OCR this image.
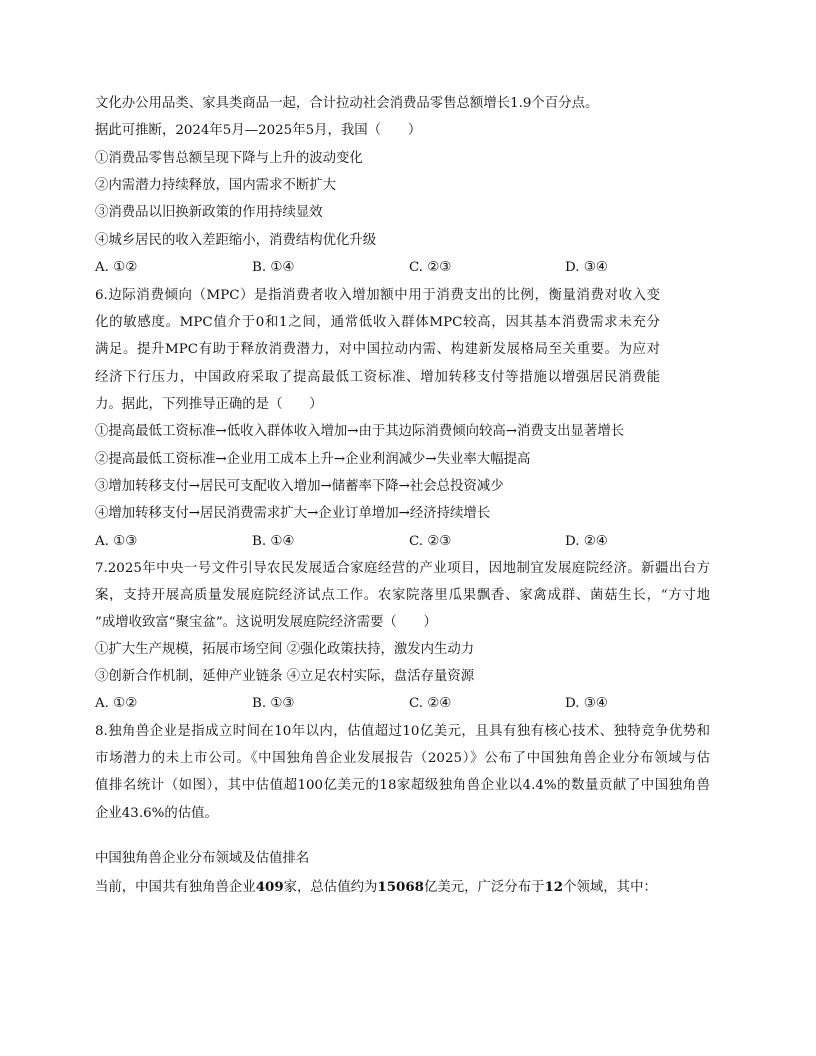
文化办公用品类、家具类商品一起，合计拉动社会消费品零售总额增长1.9个百分点。
据此可推断，2024年5月—2025年5月，我国（　　）
①消费品零售总额呈现下降与上升的波动变化
②内需潜力持续释放，国内需求不断扩大
③消费品以旧换新政策的作用持续显效
④城乡居民的收入差距缩小，消费结构优化升级
A. ①②	B. ①④	C. ②③	D. ③④
6.边际消费倾向（MPC）是指消费者收入增加额中用于消费支出的比例，衡量消费对收入变
化的敏感度。MPC值介于0和1之间，通常低收入群体MPC较高，因其基本消费需求未充分
满足。提升MPC有助于释放消费潜力，对中国拉动内需、构建新发展格局至关重要。为应对
经济下行压力，中国政府采取了提高最低工资标准、增加转移支付等措施以增强居民消费能
力。据此，下列推导正确的是（　　）
①提高最低工资标准→低收入群体收入增加→由于其边际消费倾向较高→消费支出显著增长
②提高最低工资标准→企业用工成本上升→企业利润减少→失业率大幅提高
③增加转移支付→居民可支配收入增加→储蓄率下降→社会总投资减少
④增加转移支付→居民消费需求扩大→企业订单增加→经济持续增长
A. ①③	B. ①④	C. ②③	D. ②④
7.2025年中央一号文件引导农民发展适合家庭经营的产业项目，因地制宜发展庭院经济。新疆出台方
案，支持开展高质量发展庭院经济试点工作。农家院落里瓜果飘香、家禽成群、菌菇生长，“方寸地
”成增收致富“聚宝盆”。这说明发展庭院经济需要（　　）
①扩大生产规模，拓展市场空间 ②强化政策扶持，激发内生动力
③创新合作机制，延伸产业链条 ④立足农村实际，盘活存量资源
A. ①②	B. ①③	C. ②④	D. ③④
8.独角兽企业是指成立时间在10年以内，估值超过10亿美元，且具有独有核心技术、独特竞争优势和
市场潜力的未上市公司。《中国独角兽企业发展报告（2025）》公布了中国独角兽企业分布领域与估
值排名统计（如图），其中估值超100亿美元的18家超级独角兽企业以4.4%的数量贡献了中国独角兽
企业43.6%的估值。
中国独角兽企业分布领域及估值排名
当前，中国共有独角兽企业409家，总估值约为15068亿美元，广泛分布于12个领域，其中：
